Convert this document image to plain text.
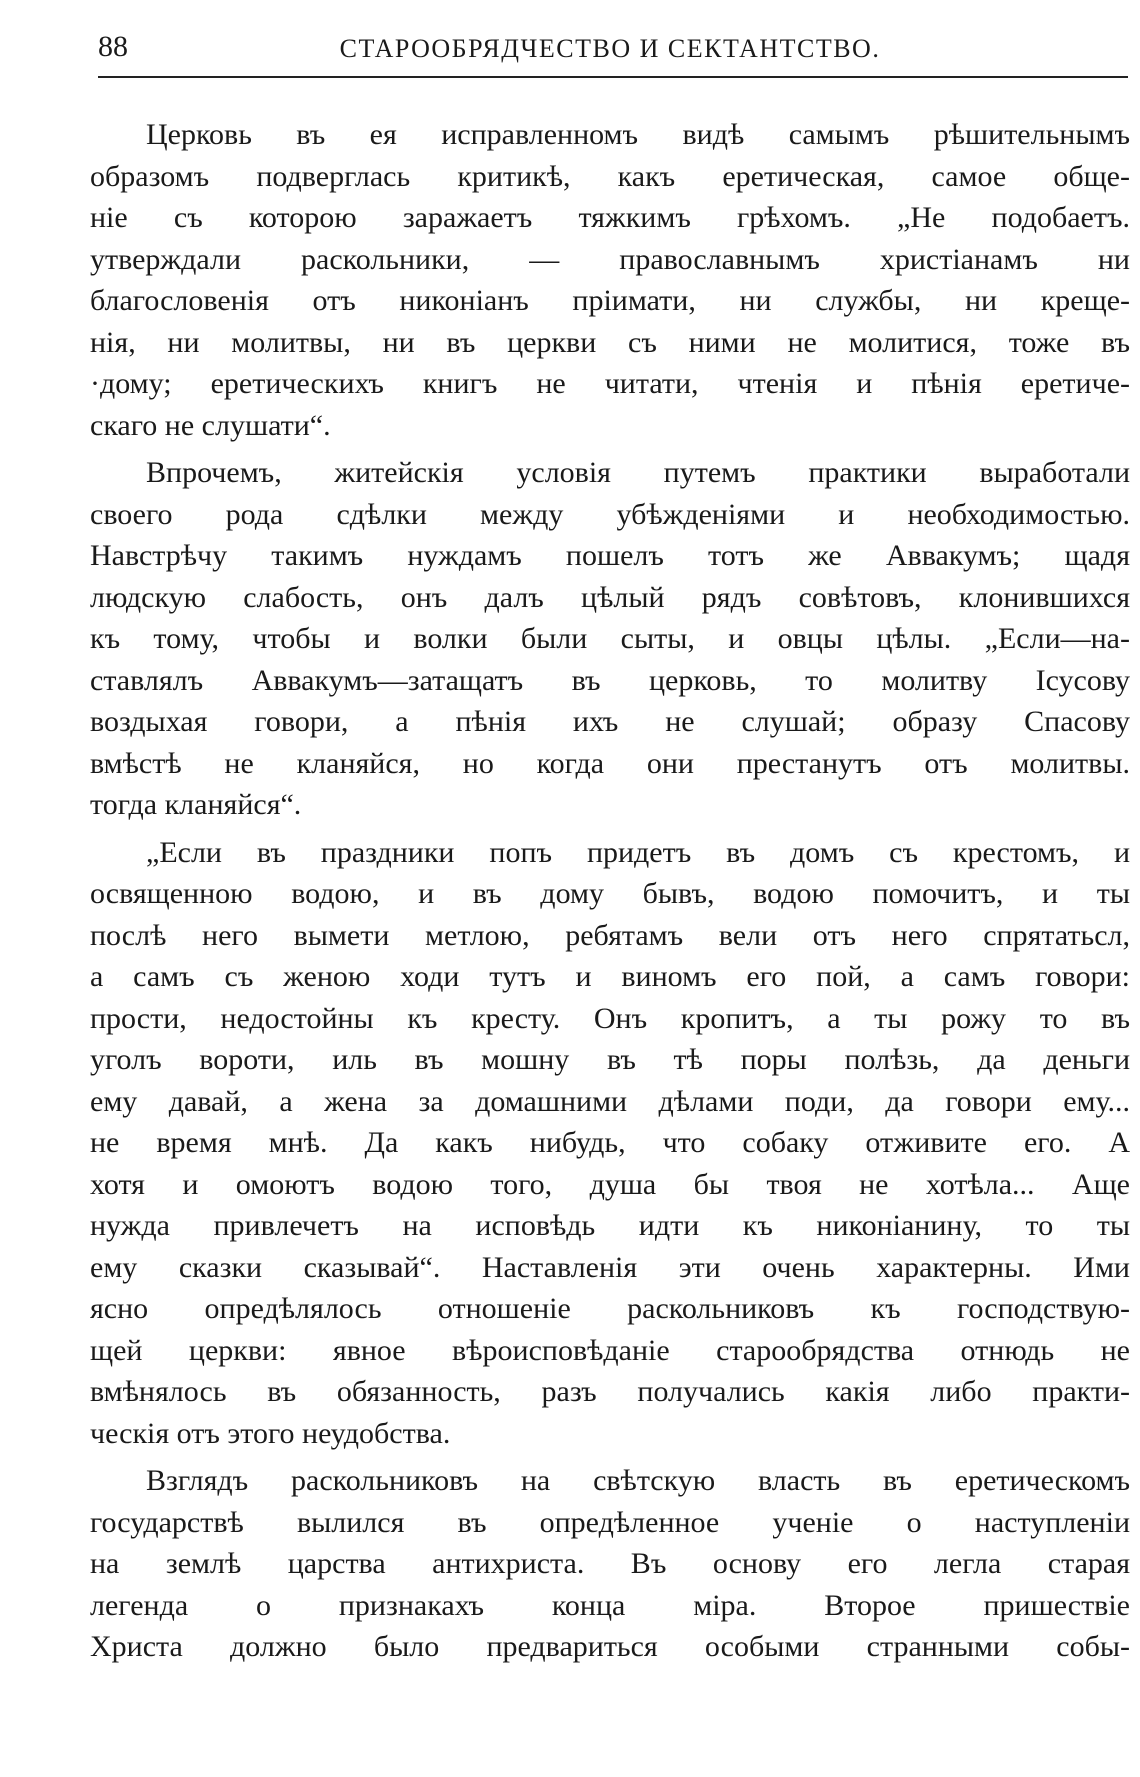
88	СТАРООБРЯДЧЕСТВО И СЕКТАНТСТВО.
Церковь въ ея исправленномъ видѣ самымъ рѣшительнымъ
образомъ подверглась критикѣ, какъ еретическая, самое обще-
ніе съ которою заражаетъ тяжкимъ грѣхомъ. „Не подобаетъ.
утверждали раскольники, — православнымъ христіанамъ ни
благословенія отъ никоніанъ пріимати, ни службы, ни креще-
нія, ни молитвы, ни въ церкви съ ними не молитися, тоже въ
·дому; еретическихъ книгъ не читати, чтенія и пѣнія еретиче-
скаго не слушати“.
Впрочемъ, житейскія условія путемъ практики выработали
своего рода сдѣлки между убѣжденіями и необходимостью.
Навстрѣчу такимъ нуждамъ пошелъ тотъ же Аввакумъ; щадя
людскую слабость, онъ далъ цѣлый рядъ совѣтовъ, клонившихся
къ тому, чтобы и волки были сыты, и овцы цѣлы. „Если—на-
ставлялъ Аввакумъ—затащатъ въ церковь, то молитву Ісусову
воздыхая говори, а пѣнія ихъ не слушай; образу Спасову
вмѣстѣ не кланяйся, но когда они престанутъ отъ молитвы.
тогда кланяйся“.
„Если въ праздники попъ придетъ въ домъ съ крестомъ, и
освященною водою, и въ дому бывъ, водою помочитъ, и ты
послѣ него вымети метлою, ребятамъ вели отъ него спрятатьсл,
а самъ съ женою ходи тутъ и виномъ его пой, а самъ говори:
прости, недостойны къ кресту. Онъ кропитъ, а ты рожу то въ
уголъ вороти, иль въ мошну въ тѣ поры полѣзь, да деньги
ему давай, а жена за домашними дѣлами поди, да говори ему...
не время мнѣ. Да какъ нибудь, что собаку отживите его. А
хотя и омоютъ водою того, душа бы твоя не хотѣла... Аще
нужда привлечетъ на исповѣдь идти къ никоніанину, то ты
ему сказки сказывай“. Наставленія эти очень характерны. Ими
ясно опредѣлялось отношеніе раскольниковъ къ господствую-
щей церкви: явное вѣроисповѣданіе старообрядства отнюдь не
вмѣнялось въ обязанность, разъ получались какія либо практи-
ческія отъ этого неудобства.
Взглядъ раскольниковъ на свѣтскую власть въ еретическомъ
государствѣ вылился въ опредѣленное ученіе о наступленіи
на землѣ царства антихриста. Въ основу его легла старая
легенда о признакахъ конца міра. Второе пришествіе
Христа должно было предвариться особыми странными собы-
